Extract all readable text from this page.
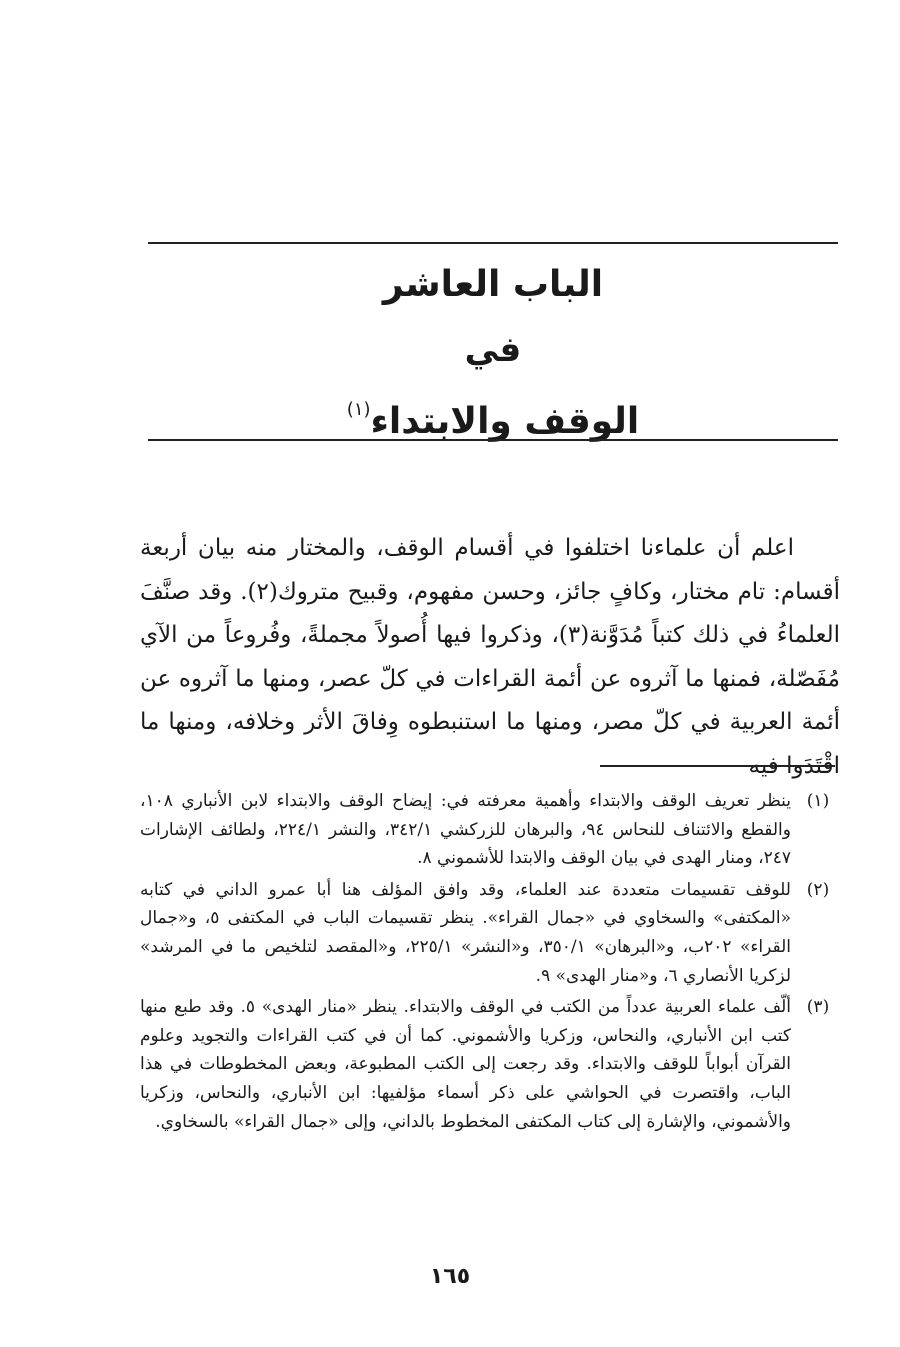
الباب العاشر
في
الوقف والابتداء$^{(١)}$

اعلم أن علماءنا اختلفوا في أقسام الوقف، والمختار منه بيان أربعة أقسام: تام مختار، وكافٍ جائز، وحسن مفهوم، وقبيح متروك(٢). وقد صنَّفَ العلماءُ في ذلك كتباً مُدَوَّنة(٣)، وذكروا فيها أُصولاً مجملةً، وفُروعاً من الآي مُفَصّلة، فمنها ما آثروه عن أئمة القراءات في كلّ عصر، ومنها ما آثروه عن أئمة العربية في كلّ مصر، ومنها ما استنبطوه وِفاقَ الأثر وخلافه، ومنها ما اقْتَدَوا فيه

(١)
ينظر تعريف الوقف والابتداء وأهمية معرفته في: إيضاح الوقف والابتداء لابن الأنباري ١٠٨، والقطع والائتناف للنحاس ٩٤، والبرهان للزركشي ٣٤٢/١، والنشر ٢٢٤/١، ولطائف الإشارات ٢٤٧، ومنار الهدى في بيان الوقف والابتدا للأشموني ٨.
(٢)
للوقف تقسيمات متعددة عند العلماء، وقد وافق المؤلف هنا أبا عمرو الداني في كتابه «المكتفى» والسخاوي في «جمال القراء». ينظر تقسيمات الباب في المكتفى ٥، و«جمال القراء» ٢٠٢ب، و«البرهان» ٣٥٠/١، و«النشر» ٢٢٥/١، و«المقصد لتلخيص ما في المرشد» لزكريا الأنصاري ٦، و«منار الهدى» ٩.
(٣)
ألّف علماء العربية عدداً من الكتب في الوقف والابتداء. ينظر «منار الهدى» ٥. وقد طبع منها كتب ابن الأنباري، والنحاس، وزكريا والأشموني. كما أن في كتب القراءات والتجويد وعلوم القرآن أبواباً للوقف والابتداء. وقد رجعت إلى الكتب المطبوعة، وبعض المخطوطات في هذا الباب، واقتصرت في الحواشي على ذكر أسماء مؤلفيها: ابن الأنباري، والنحاس، وزكريا والأشموني، والإشارة إلى كتاب المكتفى المخطوط بالداني، وإلى «جمال القراء» بالسخاوي.
١٦٥
